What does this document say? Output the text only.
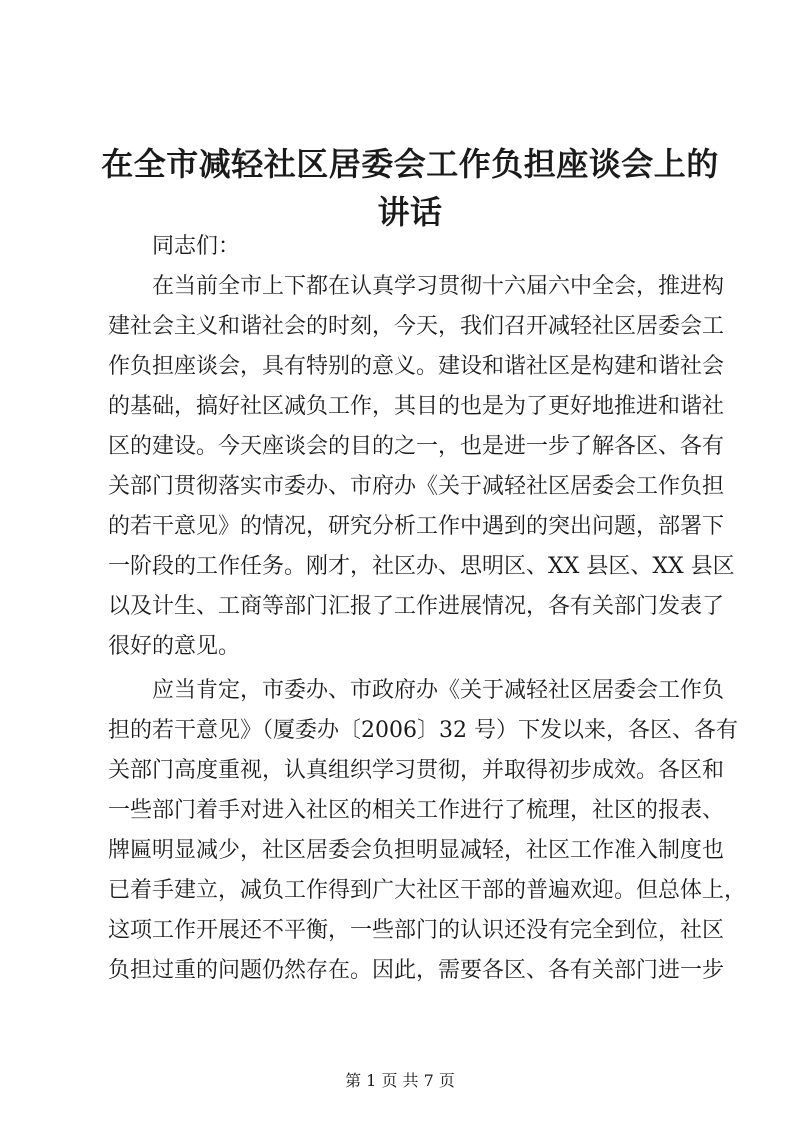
在全市减轻社区居委会工作负担座谈会上的讲话

同志们：

在当前全市上下都在认真学习贯彻十六届六中全会，推进构

建社会主义和谐社会的时刻，今天，我们召开减轻社区居委会工

作负担座谈会，具有特别的意义。建设和谐社区是构建和谐社会

的基础，搞好社区减负工作，其目的也是为了更好地推进和谐社

区的建设。今天座谈会的目的之一，也是进一步了解各区、各有

关部门贯彻落实市委办、市府办《关于减轻社区居委会工作负担

的若干意见》的情况，研究分析工作中遇到的突出问题，部署下

一阶段的工作任务。刚才，社区办、思明区、XX 县区、XX 县区

以及计生、工商等部门汇报了工作进展情况，各有关部门发表了

很好的意见。

应当肯定，市委办、市政府办《关于减轻社区居委会工作负

担的若干意见》（厦委办〔2006〕32 号）下发以来，各区、各有

关部门高度重视，认真组织学习贯彻，并取得初步成效。各区和

一些部门着手对进入社区的相关工作进行了梳理，社区的报表、

牌匾明显减少，社区居委会负担明显减轻，社区工作准入制度也

已着手建立，减负工作得到广大社区干部的普遍欢迎。但总体上，

这项工作开展还不平衡，一些部门的认识还没有完全到位，社区

负担过重的问题仍然存在。因此，需要各区、各有关部门进一步

第 1 页 共 7 页
